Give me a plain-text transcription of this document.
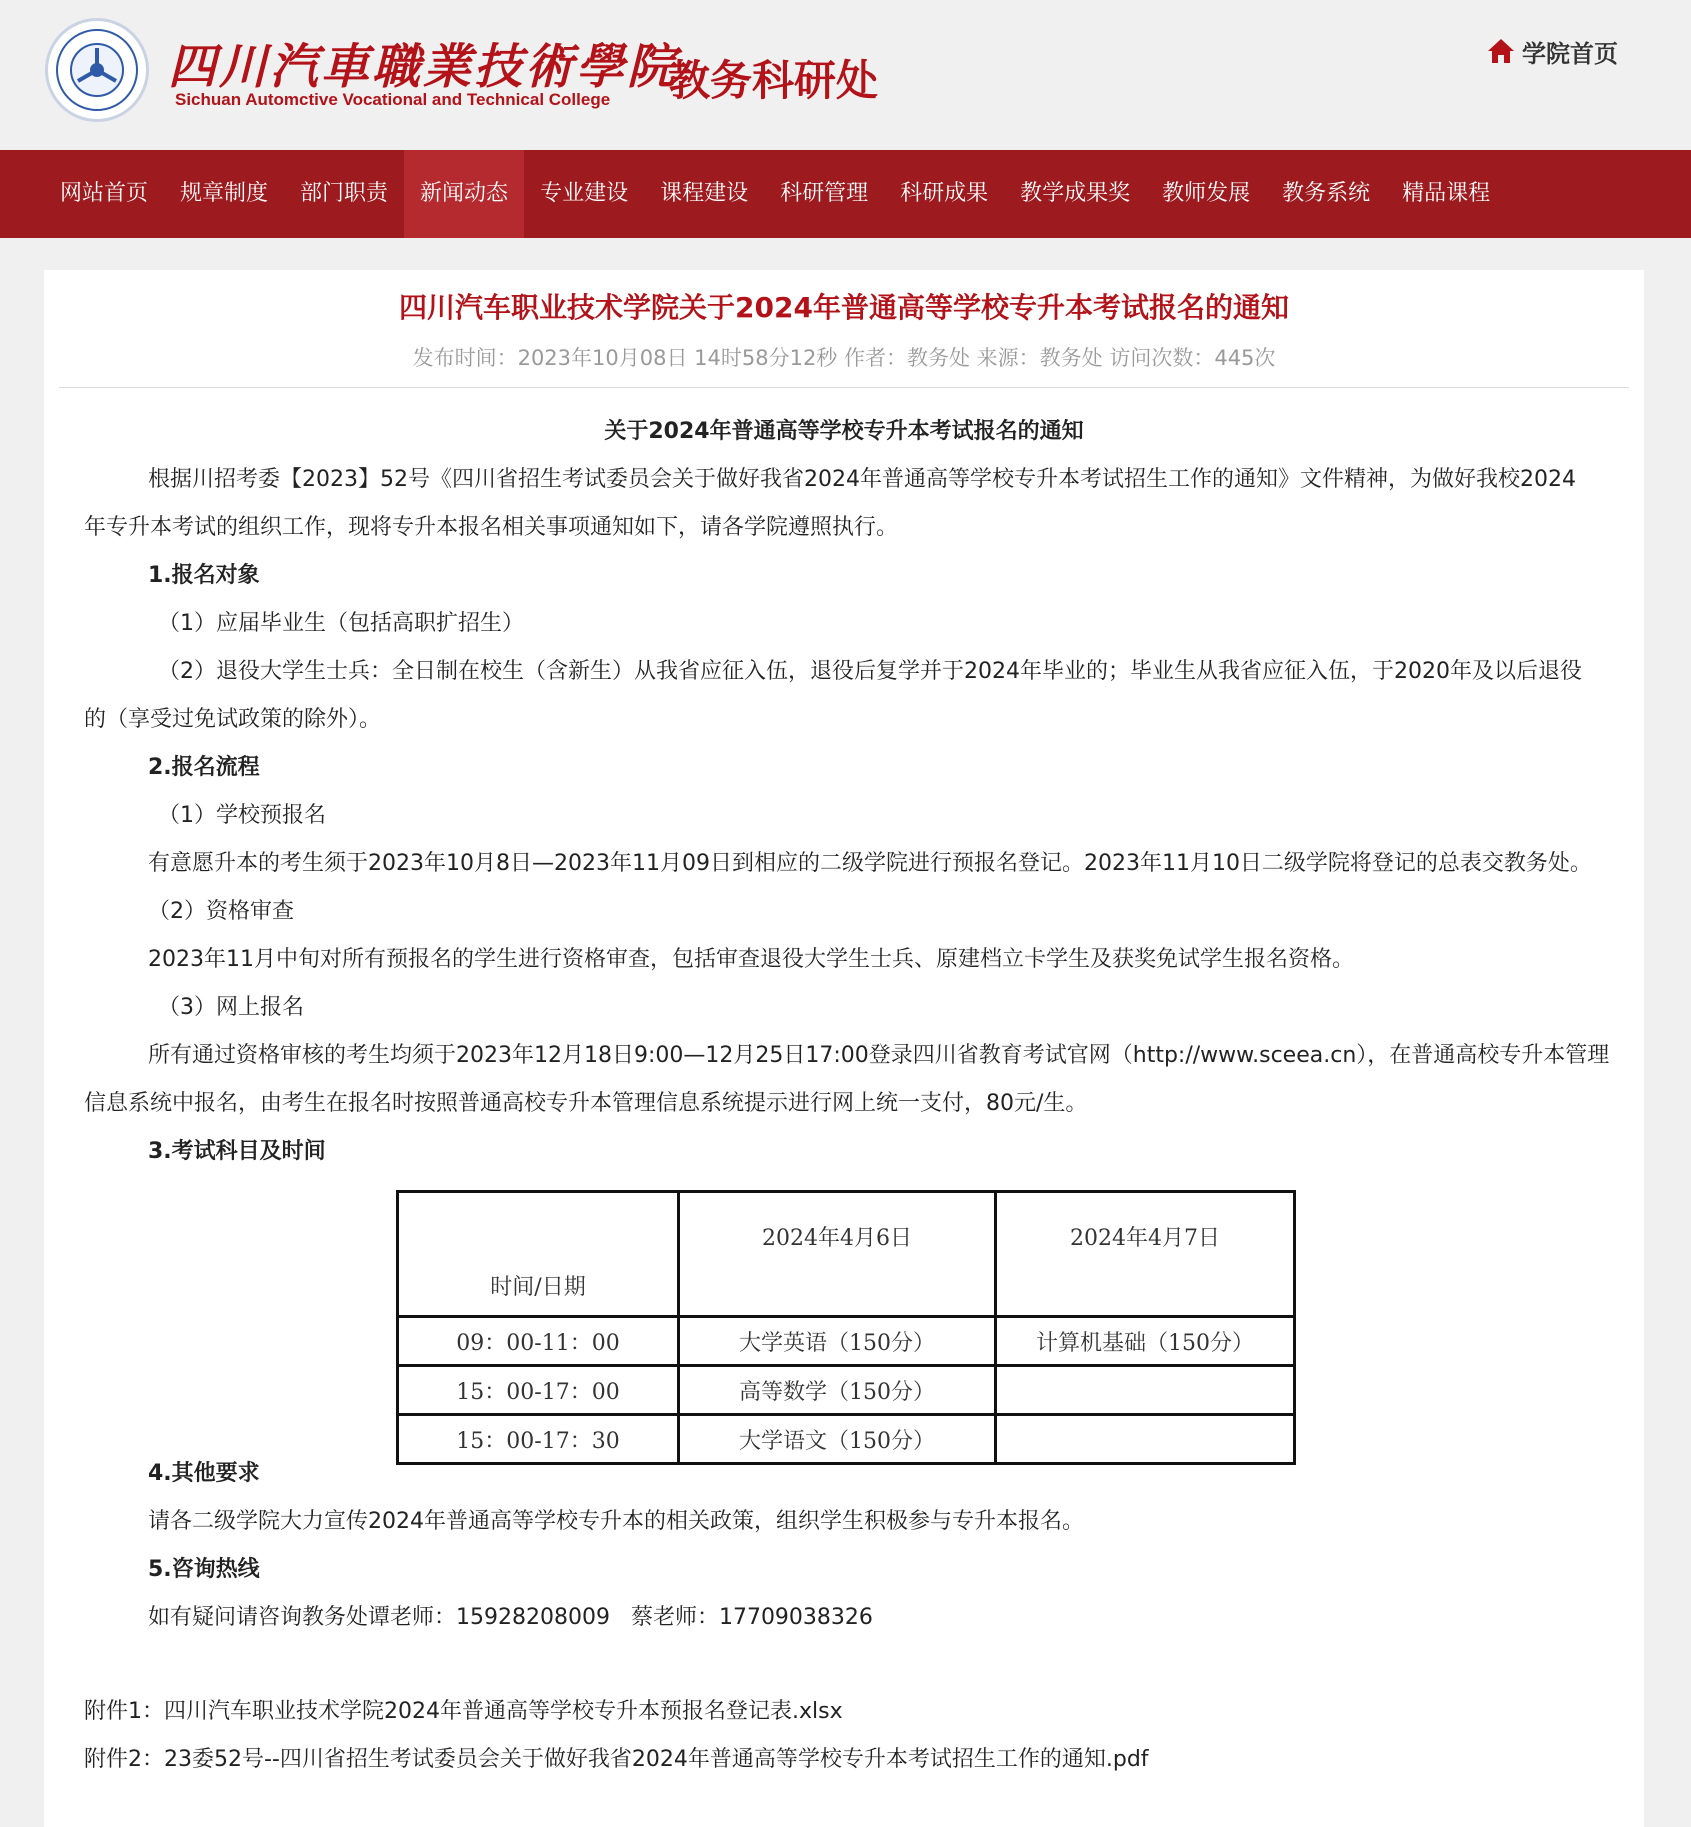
四川汽車職業技術學院
Sichuan Automctive Vocational and Technical College 教务科研处
学院首页
网站首页	规章制度	部门职责	新闻动态	专业建设	课程建设	科研管理	科研成果	教学成果奖	教师发展	教务系统	精品课程
四川汽车职业技术学院关于2024年普通高等学校专升本考试报名的通知
发布时间：2023年10月08日 14时58分12秒 作者：教务处 来源：教务处 访问次数：445次

关于2024年普通高等学校专升本考试报名的通知

根据川招考委【2023】52号《四川省招生考试委员会关于做好我省2024年普通高等学校专升本考试招生工作的通知》文件精神，为做好我校2024

年专升本考试的组织工作，现将专升本报名相关事项通知如下，请各学院遵照执行。

1.报名对象

（1）应届毕业生（包括高职扩招生）

（2）退役大学生士兵：全日制在校生（含新生）从我省应征入伍，退役后复学并于2024年毕业的；毕业生从我省应征入伍，于2020年及以后退役

的（享受过免试政策的除外）。

2.报名流程

（1）学校预报名

有意愿升本的考生须于2023年10月8日—2023年11月09日到相应的二级学院进行预报名登记。2023年11月10日二级学院将登记的总表交教务处。

（2）资格审查

2023年11月中旬对所有预报名的学生进行资格审查，包括审查退役大学生士兵、原建档立卡学生及获奖免试学生报名资格。

（3）网上报名

所有通过资格审核的考生均须于2023年12月18日9:00—12月25日17:00登录四川省教育考试官网（http://www.sceea.cn），在普通高校专升本管理

信息系统中报名，由考生在报名时按照普通高校专升本管理信息系统提示进行网上统一支付，80元/生。

3.考试科目及时间

时间/日期	2024年4月6日	2024年4月7日
09：00-11：00	大学英语（150分）	计算机基础（150分）
15：00-17：00	高等数学（150分）	
15：00-17：30	大学语文（150分）	

4.其他要求

请各二级学院大力宣传2024年普通高等学校专升本的相关政策，组织学生积极参与专升本报名。

5.咨询热线

如有疑问请咨询教务处谭老师：15928208009   蔡老师：17709038326

附件1：四川汽车职业技术学院2024年普通高等学校专升本预报名登记表.xlsx

附件2：23委52号--四川省招生考试委员会关于做好我省2024年普通高等学校专升本考试招生工作的通知.pdf
